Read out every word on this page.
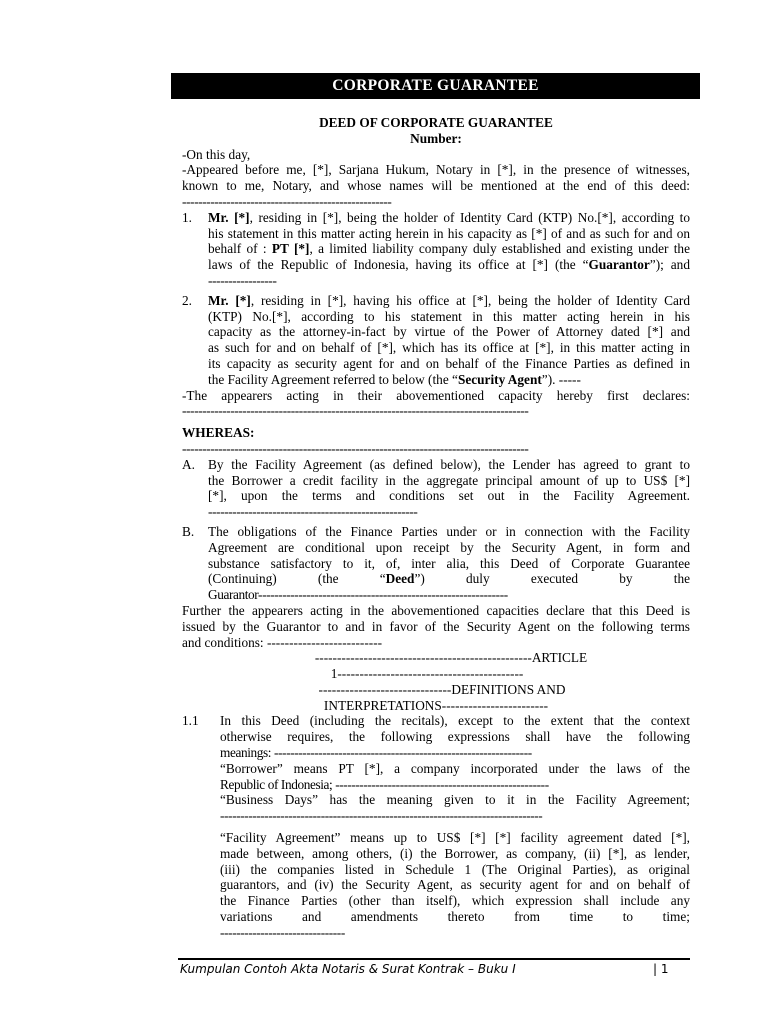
CORPORATE GUARANTEE
DEED OF CORPORATE GUARANTEE
Number:
-On this day,
-Appeared before me, [*], Sarjana Hukum, Notary in [*], in the presence of witnesses,
known to me, Notary, and whose names will be mentioned at the end of this deed:
----------------------------------------------------
1.	Mr. [*], residing in [*], being the holder of Identity Card (KTP) No.[*], according to
his statement in this matter acting herein in his capacity as [*] of and as such for and on
behalf of : PT [*], a limited liability company duly established and existing under the
laws of the Republic of Indonesia, having its office at [*] (the “Guarantor”); and
-----------------
2.	Mr. [*], residing in [*], having his office at [*], being the holder of Identity Card
(KTP) No.[*], according to his statement in this matter acting herein in his
capacity as the attorney-in-fact by virtue of the Power of Attorney dated [*] and
as such for and on behalf of [*], which has its office at [*], in this matter acting in
its capacity as security agent for and on behalf of the Finance Parties as defined in
the Facility Agreement referred to below (the “Security Agent”). -----
-The appearers acting in their abovementioned capacity hereby first declares:
--------------------------------------------------------------------------------------
WHEREAS:
--------------------------------------------------------------------------------------
A. By the Facility Agreement (as defined below), the Lender has agreed to grant to
the Borrower a credit facility in the aggregate principal amount of up to US$ [*]
[*], upon the terms and conditions set out in the Facility Agreement.
----------------------------------------------------
B.	The obligations of the Finance Parties under or in connection with the Facility
Agreement are conditional upon receipt by the Security Agent, in form and
substance satisfactory to it, of, inter alia, this Deed of Corporate Guarantee
(Continuing)   (the   “Deed”)   duly   executed   by   the
Guarantor--------------------------------------------------------------
Further the appearers acting in the abovementioned capacities declare that this Deed is
issued by the Guarantor to and in favor of the Security Agent on the following terms
and conditions: --------------------------
-------------------------------------------------ARTICLE
1------------------------------------------
------------------------------DEFINITIONS AND
INTERPRETATIONS------------------------
1.1	In this Deed (including the recitals), except to the extent that the context
otherwise requires, the following expressions shall have the following
meanings: ----------------------------------------------------------------
“Borrower” means PT [*], a company incorporated under the laws of the
Republic of Indonesia; -----------------------------------------------------
“Business Days” has the meaning given to it in the Facility Agreement;
--------------------------------------------------------------------------------
“Facility Agreement” means up to US$ [*] [*] facility agreement dated [*],
made between, among others, (i) the Borrower, as company, (ii) [*], as lender,
(iii) the companies listed in Schedule 1 (The Original Parties), as original
guarantors, and (iv) the Security Agent, as security agent for and on behalf of
the Finance Parties (other than itself), which expression shall include any
variations     and     amendments     thereto     from     time     to     time;
-------------------------------
Kumpulan Contoh Akta Notaris & Surat Kontrak – Buku I	| 1
